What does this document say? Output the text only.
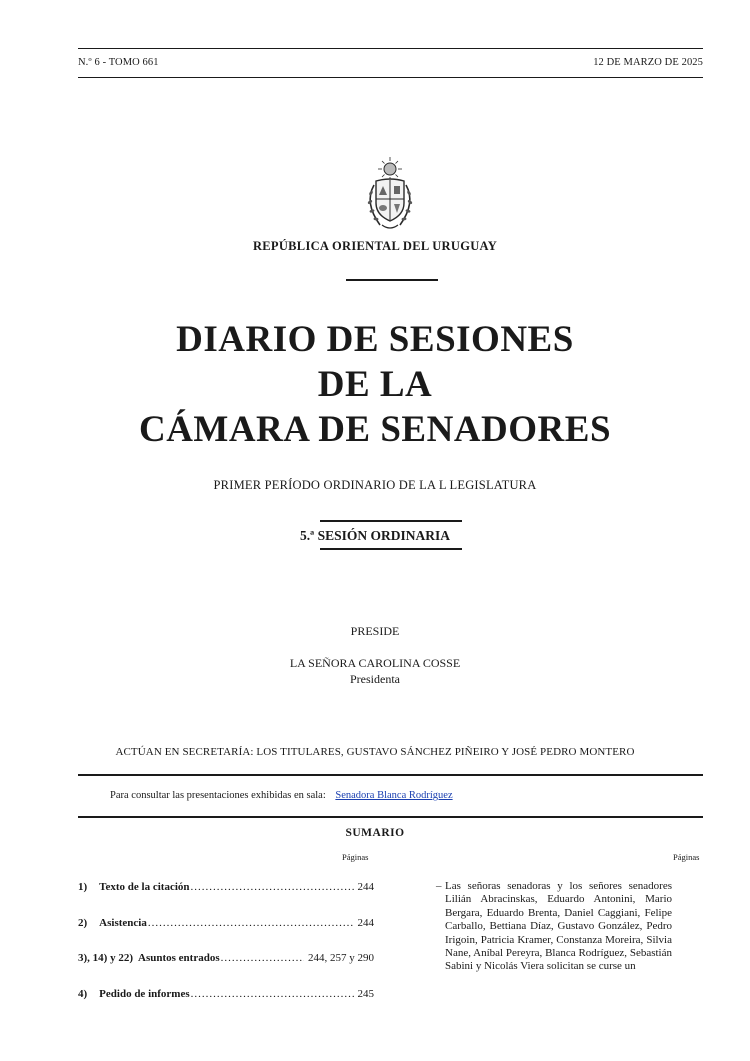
N.º 6 - TOMO 661	12 DE MARZO DE 2025
REPÚBLICA ORIENTAL DEL URUGUAY
DIARIO DE SESIONES
DE LA
CÁMARA DE SENADORES
PRIMER PERÍODO ORDINARIO DE LA L LEGISLATURA
5.ª SESIÓN ORDINARIA
PRESIDE
LA SEÑORA CAROLINA COSSE
Presidenta
ACTÚAN EN SECRETARÍA: LOS TITULARES, GUSTAVO SÁNCHEZ PIÑEIRO Y JOSÉ PEDRO MONTERO
Para consultar las presentaciones exhibidas en sala: Senadora Blanca Rodríguez
SUMARIO
Páginas	Páginas
1) Texto de la citación .....	244
2) Asistencia .....	244
3), 14) y 22) Asuntos entrados .....	244, 257 y 290
4) Pedido de informes .....	245
– Las señoras senadoras y los señores senadores Lilián Abracinskas, Eduardo Antonini, Mario Bergara, Eduardo Brenta, Daniel Caggiani, Felipe Carballo, Bettiana Díaz, Gustavo González, Pedro Irigoin, Patricia Kramer, Constanza Moreira, Silvia Nane, Aníbal Pereyra, Blanca Rodríguez, Sebastián Sabini y Nicolás Viera solicitan se curse un
